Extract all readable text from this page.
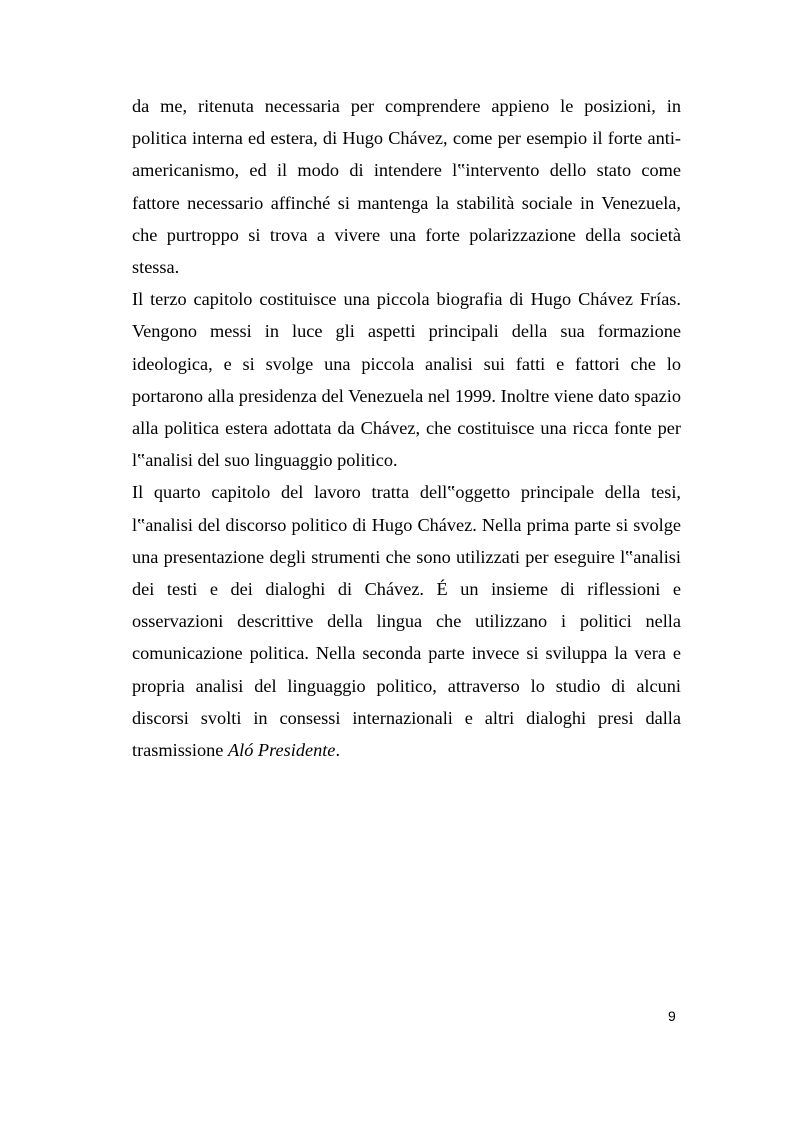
da me, ritenuta necessaria per comprendere appieno le posizioni, in politica interna ed estera, di Hugo Chávez, come per esempio il forte anti-americanismo, ed il modo di intendere l‟intervento dello stato come fattore necessario affinché si mantenga la stabilità sociale in Venezuela, che purtroppo si trova a vivere una forte polarizzazione della società stessa.

Il terzo capitolo costituisce una piccola biografia di Hugo Chávez Frías. Vengono messi in luce gli aspetti principali della sua formazione ideologica, e si svolge una piccola analisi sui fatti e fattori che lo portarono alla presidenza del Venezuela nel 1999. Inoltre viene dato spazio alla politica estera adottata da Chávez, che costituisce una ricca fonte per l‟analisi del suo linguaggio politico.

Il quarto capitolo del lavoro tratta dell‟oggetto principale della tesi, l‟analisi del discorso politico di Hugo Chávez. Nella prima parte si svolge una presentazione degli strumenti che sono utilizzati per eseguire l‟analisi dei testi e dei dialoghi di Chávez. É un insieme di riflessioni e osservazioni descrittive della lingua che utilizzano i politici nella comunicazione politica. Nella seconda parte invece si sviluppa la vera e propria analisi del linguaggio politico, attraverso lo studio di alcuni discorsi svolti in consessi internazionali e altri dialoghi presi dalla trasmissione Aló Presidente.

9
